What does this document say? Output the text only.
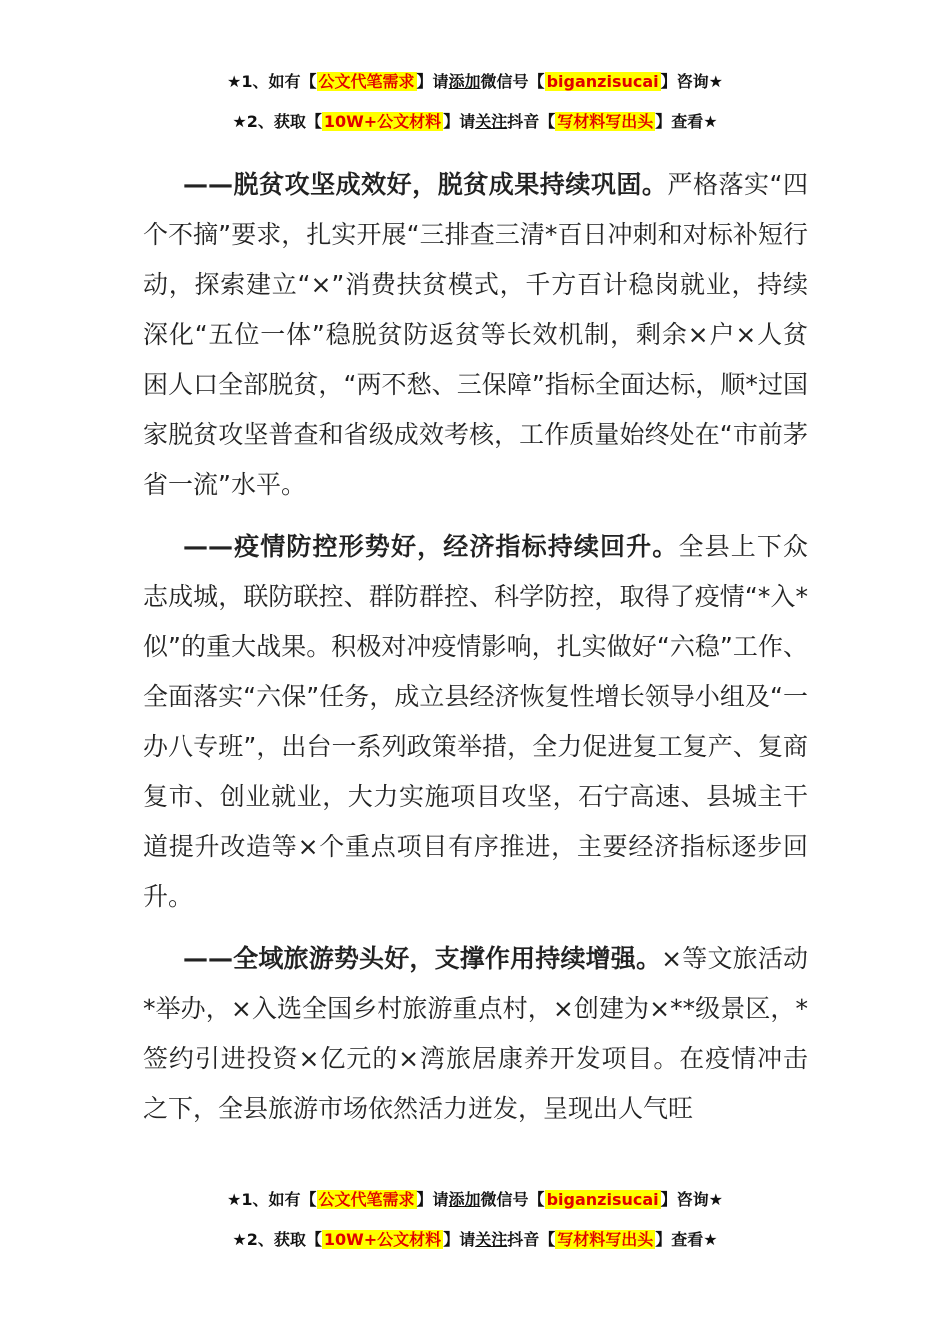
★1、如有【 公文代笔需求 】请添加微信号【 biganzisucai 】咨询★
★2、获取【 10W+公文材料 】请关注抖音【 写材料写出头 】查看★

——脱贫攻坚成效好，脱贫成果持续巩固。严格落实“四个不摘”要求，扎实开展“三排查三清*百日冲刺和对标补短行动，探索建立“×”消费扶贫模式，千方百计稳岗就业，持续深化“五位一体”稳脱贫防返贫等长效机制，剩余×户×人贫困人口全部脱贫，“两不愁、三保障”指标全面达标，顺*过国家脱贫攻坚普查和省级成效考核，工作质量始终处在“市前茅省一流”水平。

——疫情防控形势好，经济指标持续回升。全县上下众志成城，联防联控、群防群控、科学防控，取得了疫情“*入*似”的重大战果。积极对冲疫情影响，扎实做好“六稳”工作、全面落实“六保”任务，成立县经济恢复性增长领导小组及“一办八专班”，出台一系列政策举措，全力促进复工复产、复商复市、创业就业，大力实施项目攻坚，石宁高速、县城主干道提升改造等×个重点项目有序推进，主要经济指标逐步回升。

——全域旅游势头好，支撑作用持续增强。×等文旅活动*举办，×入选全国乡村旅游重点村，×创建为×**级景区，*签约引进投资×亿元的×湾旅居康养开发项目。在疫情冲击之下，全县旅游市场依然活力迸发，呈现出人气旺

★1、如有【 公文代笔需求 】请添加微信号【 biganzisucai 】咨询★
★2、获取【 10W+公文材料 】请关注抖音【 写材料写出头 】查看★
